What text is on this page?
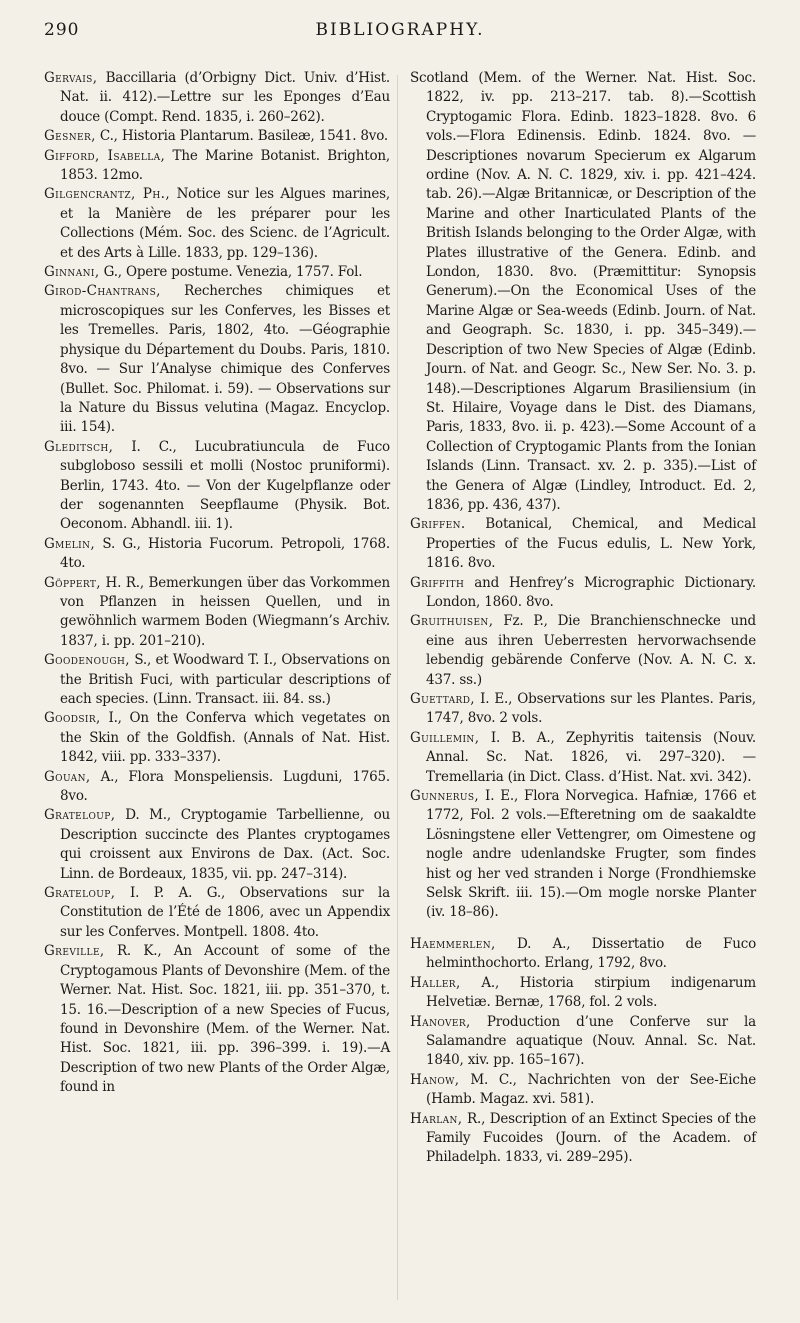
290	BIBLIOGRAPHY.

Gervais, Baccillaria (d’Orbigny Dict. Univ. d’Hist. Nat. ii. 412).—Lettre sur les Eponges d’Eau douce (Compt. Rend. 1835, i. 260–262).

Gesner, C., Historia Plantarum. Basileæ, 1541. 8vo.

Gifford, Isabella, The Marine Botanist. Brighton, 1853. 12mo.

Gilgencrantz, Ph., Notice sur les Algues marines, et la Manière de les préparer pour les Collections (Mém. Soc. des Scienc. de l’Agricult. et des Arts à Lille. 1833, pp. 129–136).

Ginnani, G., Opere postume. Venezia, 1757. Fol.

Girod-Chantrans, Recherches chimiques et microscopiques sur les Conferves, les Bisses et les Tremelles. Paris, 1802, 4to. —Géographie physique du Département du Doubs. Paris, 1810. 8vo. — Sur l’Analyse chimique des Conferves (Bullet. Soc. Philomat. i. 59). — Observations sur la Nature du Bissus velutina (Magaz. Encyclop. iii. 154).

Gleditsch, I. C., Lucubratiuncula de Fuco subgloboso sessili et molli (Nostoc pruniformi). Berlin, 1743. 4to. — Von der Kugelpflanze oder der sogenannten Seepflaume (Physik. Bot. Oeconom. Abhandl. iii. 1).

Gmelin, S. G., Historia Fucorum. Petropoli, 1768. 4to.

Göppert, H. R., Bemerkungen über das Vorkommen von Pflanzen in heissen Quellen, und in gewöhnlich warmem Boden (Wiegmann’s Archiv. 1837, i. pp. 201–210).

Goodenough, S., et Woodward T. I., Observations on the British Fuci, with particular descriptions of each species. (Linn. Transact. iii. 84. ss.)

Goodsir, I., On the Conferva which vegetates on the Skin of the Goldfish. (Annals of Nat. Hist. 1842, viii. pp. 333–337).

Gouan, A., Flora Monspeliensis. Lugduni, 1765. 8vo.

Grateloup, D. M., Cryptogamie Tarbellienne, ou Description succincte des Plantes cryptogames qui croissent aux Environs de Dax. (Act. Soc. Linn. de Bordeaux, 1835, vii. pp. 247–314).

Grateloup, I. P. A. G., Observations sur la Constitution de l’Été de 1806, avec un Appendix sur les Conferves. Montpell. 1808. 4to.

Greville, R. K., An Account of some of the Cryptogamous Plants of Devonshire (Mem. of the Werner. Nat. Hist. Soc. 1821, iii. pp. 351–370, t. 15. 16.—Description of a new Species of Fucus, found in Devonshire (Mem. of the Werner. Nat. Hist. Soc. 1821, iii. pp. 396–399. i. 19).—A Description of two new Plants of the Order Algæ, found in

Scotland (Mem. of the Werner. Nat. Hist. Soc. 1822, iv. pp. 213–217. tab. 8).—Scottish Cryptogamic Flora. Edinb. 1823–1828. 8vo. 6 vols.—Flora Edinensis. Edinb. 1824. 8vo. — Descriptiones novarum Specierum ex Algarum ordine (Nov. A. N. C. 1829, xiv. i. pp. 421–424. tab. 26).—Algæ Britannicæ, or Description of the Marine and other Inarticulated Plants of the British Islands belonging to the Order Algæ, with Plates illustrative of the Genera. Edinb. and London, 1830. 8vo. (Præmittitur: Synopsis Generum).—On the Economical Uses of the Marine Algæ or Sea-weeds (Edinb. Journ. of Nat. and Geograph. Sc. 1830, i. pp. 345–349).—Description of two New Species of Algæ (Edinb. Journ. of Nat. and Geogr. Sc., New Ser. No. 3. p. 148).—Descriptiones Algarum Brasiliensium (in St. Hilaire, Voyage dans le Dist. des Diamans, Paris, 1833, 8vo. ii. p. 423).—Some Account of a Collection of Cryptogamic Plants from the Ionian Islands (Linn. Transact. xv. 2. p. 335).—List of the Genera of Algæ (Lindley, Introduct. Ed. 2, 1836, pp. 436, 437).

Griffen. Botanical, Chemical, and Medical Properties of the Fucus edulis, L. New York, 1816. 8vo.

Griffith and Henfrey’s Micrographic Dictionary. London, 1860. 8vo.

Gruithuisen, Fz. P., Die Branchienschnecke und eine aus ihren Ueberresten hervorwachsende lebendig gebärende Conferve (Nov. A. N. C. x. 437. ss.)

Guettard, I. E., Observations sur les Plantes. Paris, 1747, 8vo. 2 vols.

Guillemin, I. B. A., Zephyritis taitensis (Nouv. Annal. Sc. Nat. 1826, vi. 297–320). — Tremellaria (in Dict. Class. d’Hist. Nat. xvi. 342).

Gunnerus, I. E., Flora Norvegica. Hafniæ, 1766 et 1772, Fol. 2 vols.—Efteretning om de saakaldte Lösningstene eller Vettengrer, om Oimestene og nogle andre udenlandske Frugter, som findes hist og her ved stranden i Norge (Frondhiemske Selsk Skrift. iii. 15).—Om mogle norske Planter (iv. 18–86).

Haemmerlen, D. A., Dissertatio de Fuco helminthochorto. Erlang, 1792, 8vo.

Haller, A., Historia stirpium indigenarum Helvetiæ. Bernæ, 1768, fol. 2 vols.

Hanover, Production d’une Conferve sur la Salamandre aquatique (Nouv. Annal. Sc. Nat. 1840, xiv. pp. 165–167).

Hanow, M. C., Nachrichten von der See-Eiche (Hamb. Magaz. xvi. 581).

Harlan, R., Description of an Extinct Species of the Family Fucoides (Journ. of the Academ. of Philadelph. 1833, vi. 289–295).
